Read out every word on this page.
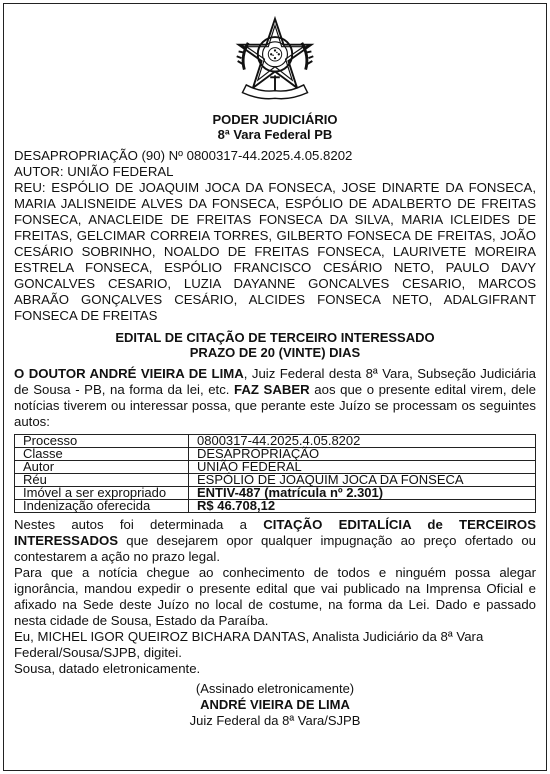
PODER JUDICIÁRIO
8ª Vara Federal PB
DESAPROPRIAÇÃO (90) Nº 0800317-44.2025.4.05.8202
AUTOR: UNIÃO FEDERAL
REU: ESPÓLIO DE JOAQUIM JOCA DA FONSECA, JOSE DINARTE DA FONSECA, MARIA JALISNEIDE ALVES DA FONSECA, ESPÓLIO DE ADALBERTO DE FREITAS FONSECA, ANACLEIDE DE FREITAS FONSECA DA SILVA, MARIA ICLEIDES DE FREITAS, GELCIMAR CORREIA TORRES, GILBERTO FONSECA DE FREITAS, JOÃO CESÁRIO SOBRINHO, NOALDO DE FREITAS FONSECA, LAURIVETE MOREIRA ESTRELA FONSECA, ESPÓLIO FRANCISCO CESÁRIO NETO, PAULO DAVY GONCALVES CESARIO, LUZIA DAYANNE GONCALVES CESARIO, MARCOS ABRAÃO GONÇALVES CESÁRIO, ALCIDES FONSECA NETO, ADALGIFRANT FONSECA DE FREITAS
EDITAL DE CITAÇÃO DE TERCEIRO INTERESSADO
PRAZO DE 20 (VINTE) DIAS
O DOUTOR ANDRÉ VIEIRA DE LIMA, Juiz Federal desta 8ª Vara, Subseção Judiciária de Sousa - PB, na forma da lei, etc. FAZ SABER aos que o presente edital virem, dele notícias tiverem ou interessar possa, que perante este Juízo se processam os seguintes autos:
Processo	0800317-44.2025.4.05.8202
Classe	DESAPROPRIAÇÃO
Autor	UNIÃO FEDERAL
Réu	ESPÓLIO DE JOAQUIM JOCA DA FONSECA
Imóvel a ser expropriado	ENTIV-487 (matrícula nº 2.301)
Indenização oferecida	R$ 46.708,12
Nestes autos foi determinada a CITAÇÃO EDITALÍCIA de TERCEIROS INTERESSADOS que desejarem opor qualquer impugnação ao preço ofertado ou contestarem a ação no prazo legal.
Para que a notícia chegue ao conhecimento de todos e ninguém possa alegar ignorância, mandou expedir o presente edital que vai publicado na Imprensa Oficial e afixado na Sede deste Juízo no local de costume, na forma da Lei. Dado e passado nesta cidade de Sousa, Estado da Paraíba.
Eu, MICHEL IGOR QUEIROZ BICHARA DANTAS, Analista Judiciário da 8ª Vara Federal/Sousa/SJPB, digitei.
Sousa, datado eletronicamente.
(Assinado eletronicamente)
ANDRÉ VIEIRA DE LIMA
Juiz Federal da 8ª Vara/SJPB
